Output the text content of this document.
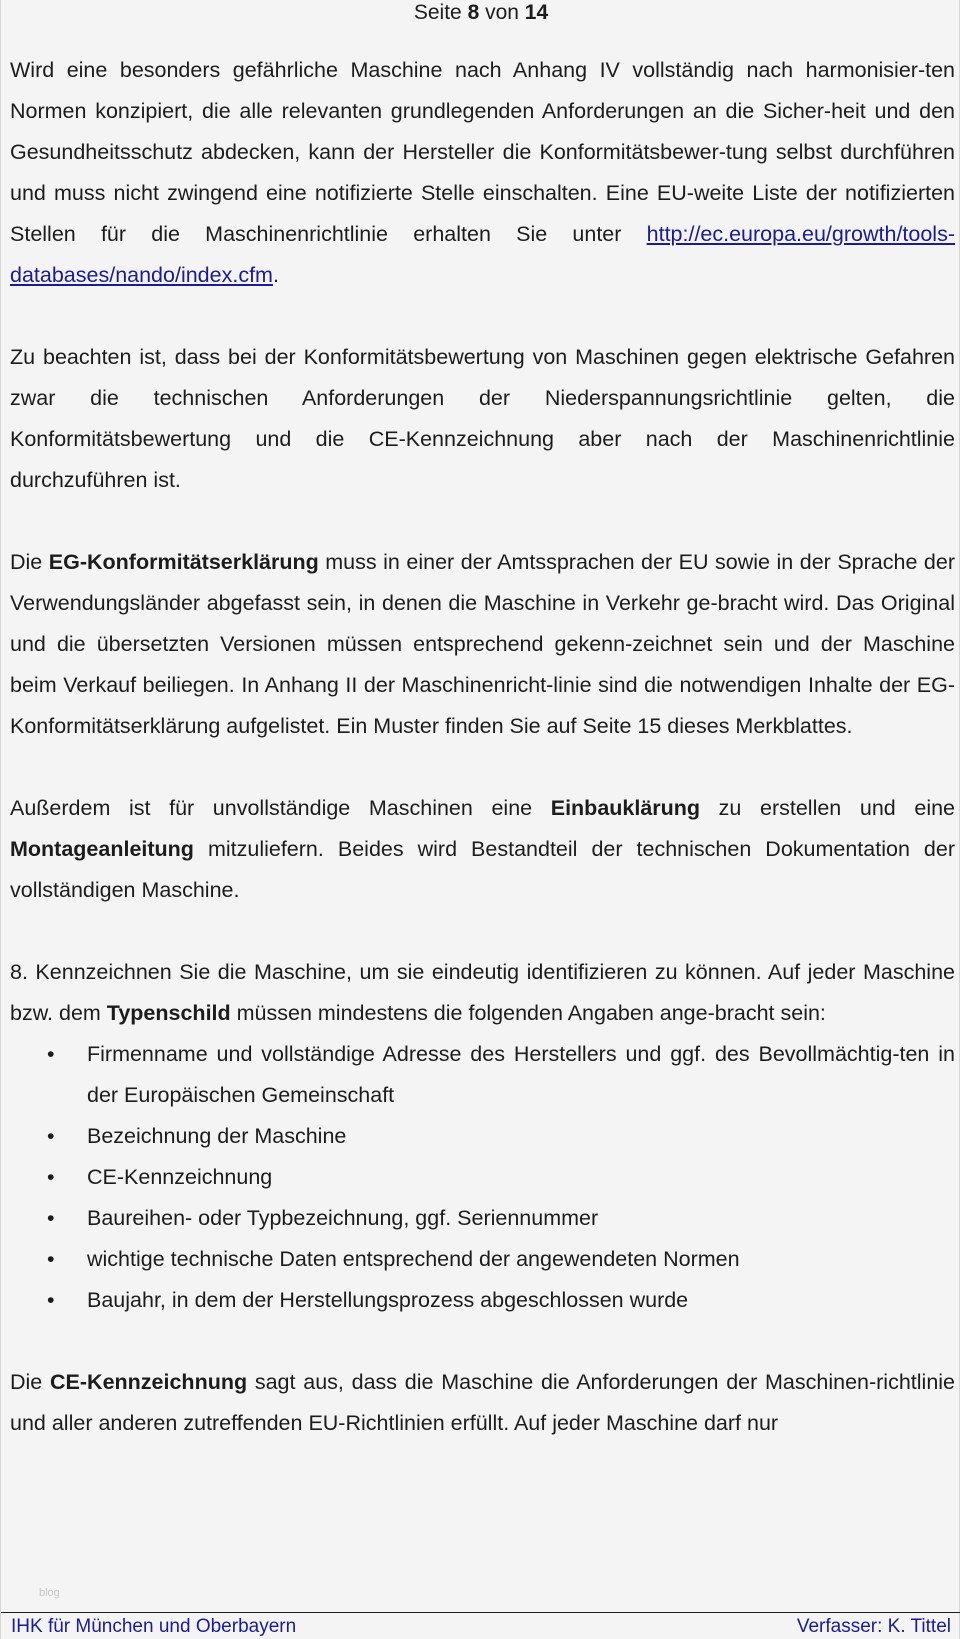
Seite 8 von 14

Wird eine besonders gefährliche Maschine nach Anhang IV vollständig nach harmonisier-ten Normen konzipiert, die alle relevanten grundlegenden Anforderungen an die Sicher-heit und den Gesundheitsschutz abdecken, kann der Hersteller die Konformitätsbewer-tung selbst durchführen und muss nicht zwingend eine notifizierte Stelle einschalten. Eine EU-weite Liste der notifizierten Stellen für die Maschinenrichtlinie erhalten Sie unter http://ec.europa.eu/growth/tools-databases/nando/index.cfm.

Zu beachten ist, dass bei der Konformitätsbewertung von Maschinen gegen elektrische Gefahren zwar die technischen Anforderungen der Niederspannungsrichtlinie gelten, die Konformitätsbewertung und die CE-Kennzeichnung aber nach der Maschinenrichtlinie durchzuführen ist.

Die EG-Konformitätserklärung muss in einer der Amtssprachen der EU sowie in der Sprache der Verwendungsländer abgefasst sein, in denen die Maschine in Verkehr ge-bracht wird. Das Original und die übersetzten Versionen müssen entsprechend gekenn-zeichnet sein und der Maschine beim Verkauf beiliegen. In Anhang II der Maschinenricht-linie sind die notwendigen Inhalte der EG-Konformitätserklärung aufgelistet. Ein Muster finden Sie auf Seite 15 dieses Merkblattes.

Außerdem ist für unvollständige Maschinen eine Einbauklärung zu erstellen und eine Montageanleitung mitzuliefern. Beides wird Bestandteil der technischen Dokumentation der vollständigen Maschine.

8. Kennzeichnen Sie die Maschine, um sie eindeutig identifizieren zu können. Auf jeder Maschine bzw. dem Typenschild müssen mindestens die folgenden Angaben ange-bracht sein:

• Firmenname und vollständige Adresse des Herstellers und ggf. des Bevollmächtig-ten in der Europäischen Gemeinschaft
• Bezeichnung der Maschine
• CE-Kennzeichnung
• Baureihen- oder Typbezeichnung, ggf. Seriennummer
• wichtige technische Daten entsprechend der angewendeten Normen
• Baujahr, in dem der Herstellungsprozess abgeschlossen wurde

Die CE-Kennzeichnung sagt aus, dass die Maschine die Anforderungen der Maschinen-richtlinie und aller anderen zutreffenden EU-Richtlinien erfüllt. Auf jeder Maschine darf nur

blog
IHK für München und Oberbayern	Verfasser: K. Tittel
